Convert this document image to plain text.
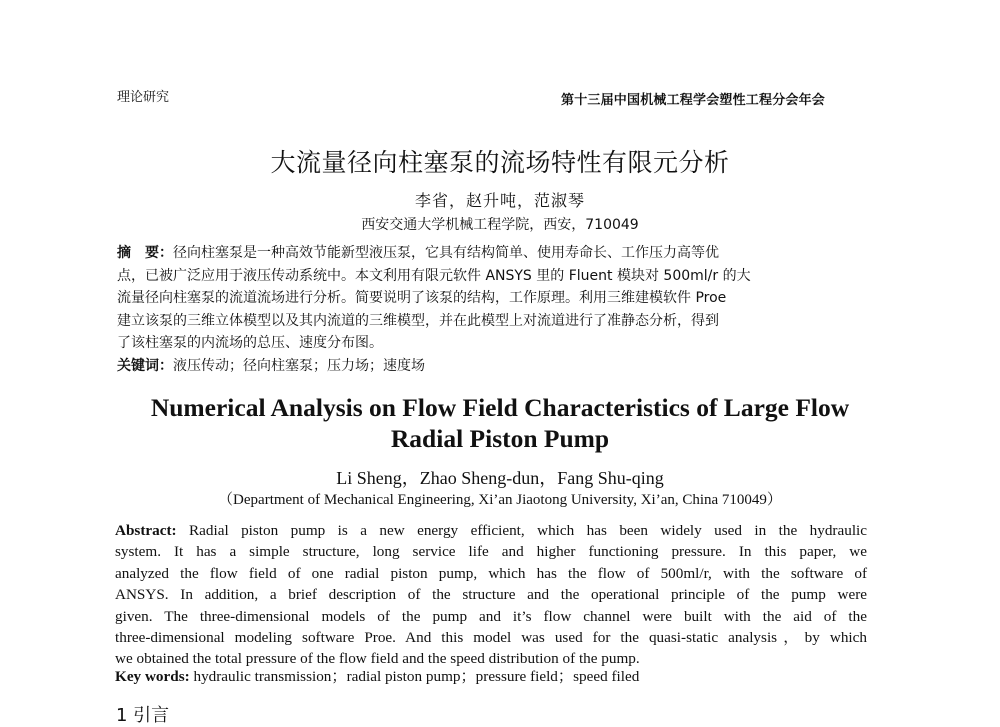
理论研究	第十三届中国机械工程学会塑性工程分会年会
大流量径向柱塞泵的流场特性有限元分析
李省，赵升吨，范淑琴
西安交通大学机械工程学院，西安，710049
摘　要：径向柱塞泵是一种高效节能新型液压泵，它具有结构简单、使用寿命长、工作压力高等优
点，已被广泛应用于液压传动系统中。本文利用有限元软件 ANSYS 里的 Fluent 模块对 500ml/r 的大
流量径向柱塞泵的流道流场进行分析。简要说明了该泵的结构，工作原理。利用三维建模软件 Proe
建立该泵的三维立体模型以及其内流道的三维模型，并在此模型上对流道进行了准静态分析，得到
了该柱塞泵的内流场的总压、速度分布图。
关键词：液压传动；径向柱塞泵；压力场；速度场
Numerical Analysis on Flow Field Characteristics of Large Flow
Radial Piston Pump
Li Sheng，Zhao Sheng-dun，Fang Shu-qing
（Department of Mechanical Engineering, Xi’an Jiaotong University, Xi’an, China 710049）
Abstract: Radial piston pump is a new energy efficient, which has been widely used in the hydraulic
system. It has a simple structure, long service life and higher functioning pressure. In this paper, we
analyzed the flow field of one radial piston pump, which has the flow of 500ml/r, with the software of
ANSYS. In addition, a brief description of the structure and the operational principle of the pump were
given. The three-dimensional models of the pump and it’s flow channel were built with the aid of the
three-dimensional modeling software Proe. And this model was used for the quasi-static analysis，by which
we obtained the total pressure of the flow field and the speed distribution of the pump.
Key words: hydraulic transmission；radial piston pump；pressure field；speed filed
1 引言
